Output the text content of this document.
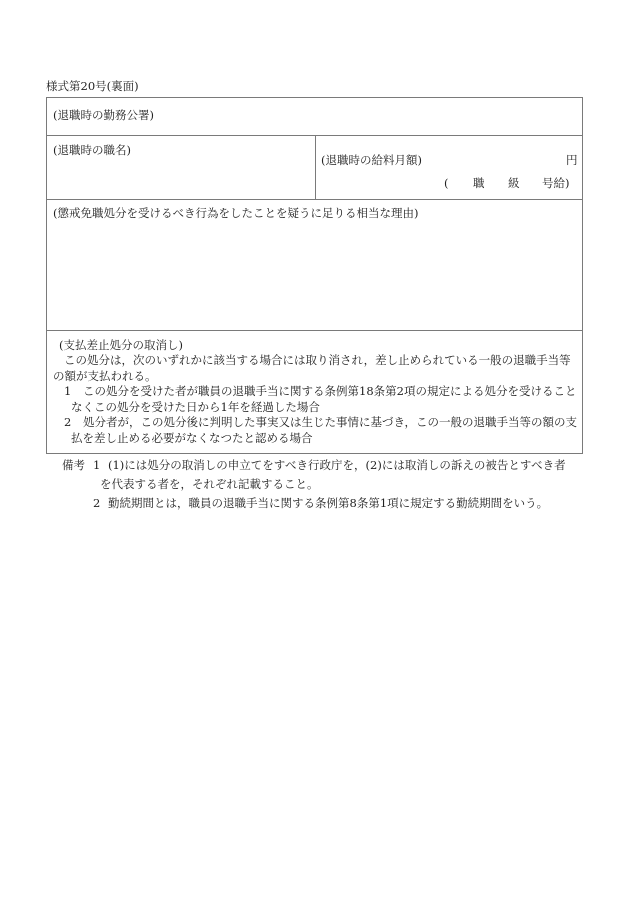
様式第20号(裏面)
(退職時の勤務公署)
(退職時の職名)
(退職時の給料月額)	円
( 職 級 号給)
(懲戒免職処分を受けるべき行為をしたことを疑うに足りる相当な理由)
(支払差止処分の取消し)
この処分は，次のいずれかに該当する場合には取り消され，差し止められている一般の退職手当等
の額が支払われる。
1 この処分を受けた者が職員の退職手当に関する条例第18条第2項の規定による処分を受けること
なくこの処分を受けた日から1年を経過した場合
2 処分者が，この処分後に判明した事実又は生じた事情に基づき，この一般の退職手当等の額の支
払を差し止める必要がなくなつたと認める場合
備考 1 (1)には処分の取消しの申立てをすべき行政庁を，(2)には取消しの訴えの被告とすべき者
を代表する者を，それぞれ記載すること。
2 勤続期間とは，職員の退職手当に関する条例第8条第1項に規定する勤続期間をいう。
